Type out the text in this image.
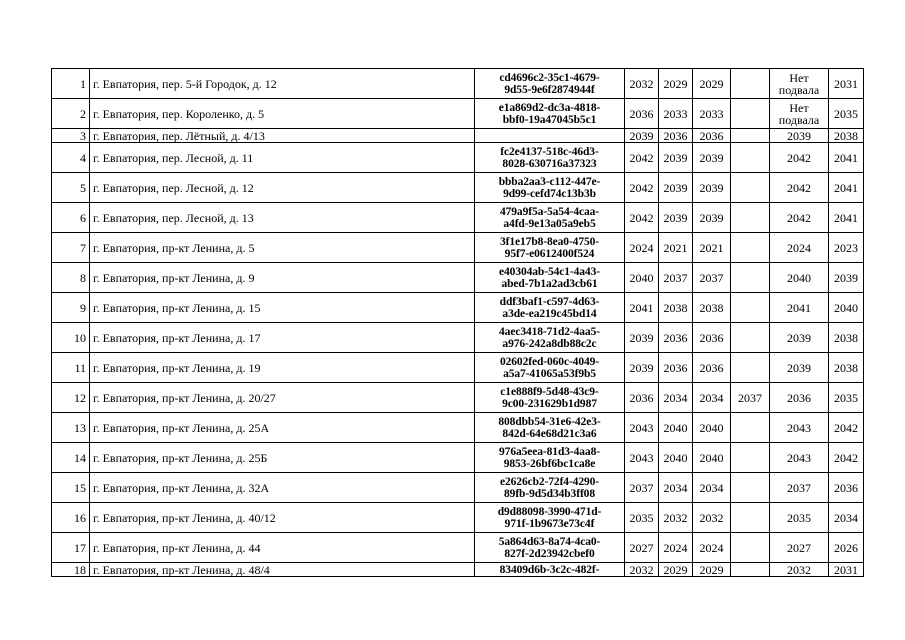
1	г. Евпатория, пер. 5-й Городок, д. 12	cd4696c2-35c1-4679-
9d55-9e6f2874944f	2032	2029	2029		Нет подвала	2031
2	г. Евпатория, пер. Короленко, д. 5	e1a869d2-dc3a-4818-
bbf0-19a47045b5c1	2036	2033	2033		Нет подвала	2035
3	г. Евпатория, пер. Лётный, д. 4/13		2039	2036	2036		2039	2038
4	г. Евпатория, пер. Лесной, д. 11	fc2e4137-518c-46d3-
8028-630716a37323	2042	2039	2039		2042	2041
5	г. Евпатория, пер. Лесной, д. 12	bbba2aa3-c112-447e-
9d99-cefd74c13b3b	2042	2039	2039		2042	2041
6	г. Евпатория, пер. Лесной, д. 13	479a9f5a-5a54-4caa-
a4fd-9e13a05a9eb5	2042	2039	2039		2042	2041
7	г. Евпатория, пр-кт Ленина, д. 5	3f1e17b8-8ea0-4750-
95f7-e0612400f524	2024	2021	2021		2024	2023
8	г. Евпатория, пр-кт Ленина, д. 9	e40304ab-54c1-4a43-
abed-7b1a2ad3cb61	2040	2037	2037		2040	2039
9	г. Евпатория, пр-кт Ленина, д. 15	ddf3baf1-c597-4d63-
a3de-ea219c45bd14	2041	2038	2038		2041	2040
10	г. Евпатория, пр-кт Ленина, д. 17	4aec3418-71d2-4aa5-
a976-242a8db88c2c	2039	2036	2036		2039	2038
11	г. Евпатория, пр-кт Ленина, д. 19	02602fed-060c-4049-
a5a7-41065a53f9b5	2039	2036	2036		2039	2038
12	г. Евпатория, пр-кт Ленина, д. 20/27	c1e888f9-5d48-43c9-
9c00-231629b1d987	2036	2034	2034	2037	2036	2035
13	г. Евпатория, пр-кт Ленина, д. 25А	808dbb54-31e6-42e3-
842d-64e68d21c3a6	2043	2040	2040		2043	2042
14	г. Евпатория, пр-кт Ленина, д. 25Б	976a5eea-81d3-4aa8-
9853-26bf6bc1ca8e	2043	2040	2040		2043	2042
15	г. Евпатория, пр-кт Ленина, д. 32А	e2626cb2-72f4-4290-
89fb-9d5d34b3ff08	2037	2034	2034		2037	2036
16	г. Евпатория, пр-кт Ленина, д. 40/12	d9d88098-3990-471d-
971f-1b9673e73c4f	2035	2032	2032		2035	2034
17	г. Евпатория, пр-кт Ленина, д. 44	5a864d63-8a74-4ca0-
827f-2d23942cbef0	2027	2024	2024		2027	2026
18	г. Евпатория, пр-кт Ленина, д. 48/4	83409d6b-3c2c-482f-	2032	2029	2029		2032	2031
